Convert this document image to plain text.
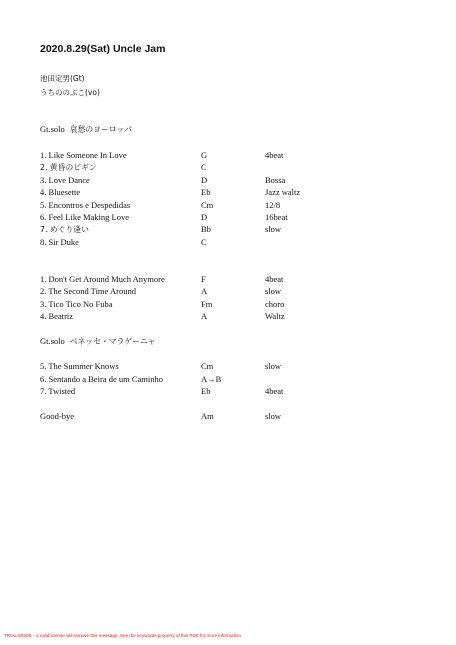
2020.8.29(Sat) Uncle Jam
池田定男(Gt)
うちののぶこ(vo)
Gt.solo 哀愁のヨーロッパ
1. Like Someone In Love	G	4beat
2. 黄昏のビギン	C
3. Love Dance	D	Bossa
4. Bluesette	Eb	Jazz waltz
5. Encontros e Despedidas	Cm	12/8
6. Feel Like Making Love	D	16beat
7. めぐり逢い	Bb	slow
8. Sir Duke	C
1. Don't Get Around Much Anymore	F	4beat
2. The Second Time Around	A	slow
3. Tico Tico No Fuba	Fm	choro
4. Beatriz	A	Waltz
Gt.solo ベネッセ・マラゲーニャ
5. The Summer Knows	Cm	slow
6. Sentando a Beira de um Caminho	A→B
7. Twisted	Eb	4beat
Good-bye	Am	slow
TRIAL MODE - a valid license will remove this message. See the keywords property of this PDF for more information.
